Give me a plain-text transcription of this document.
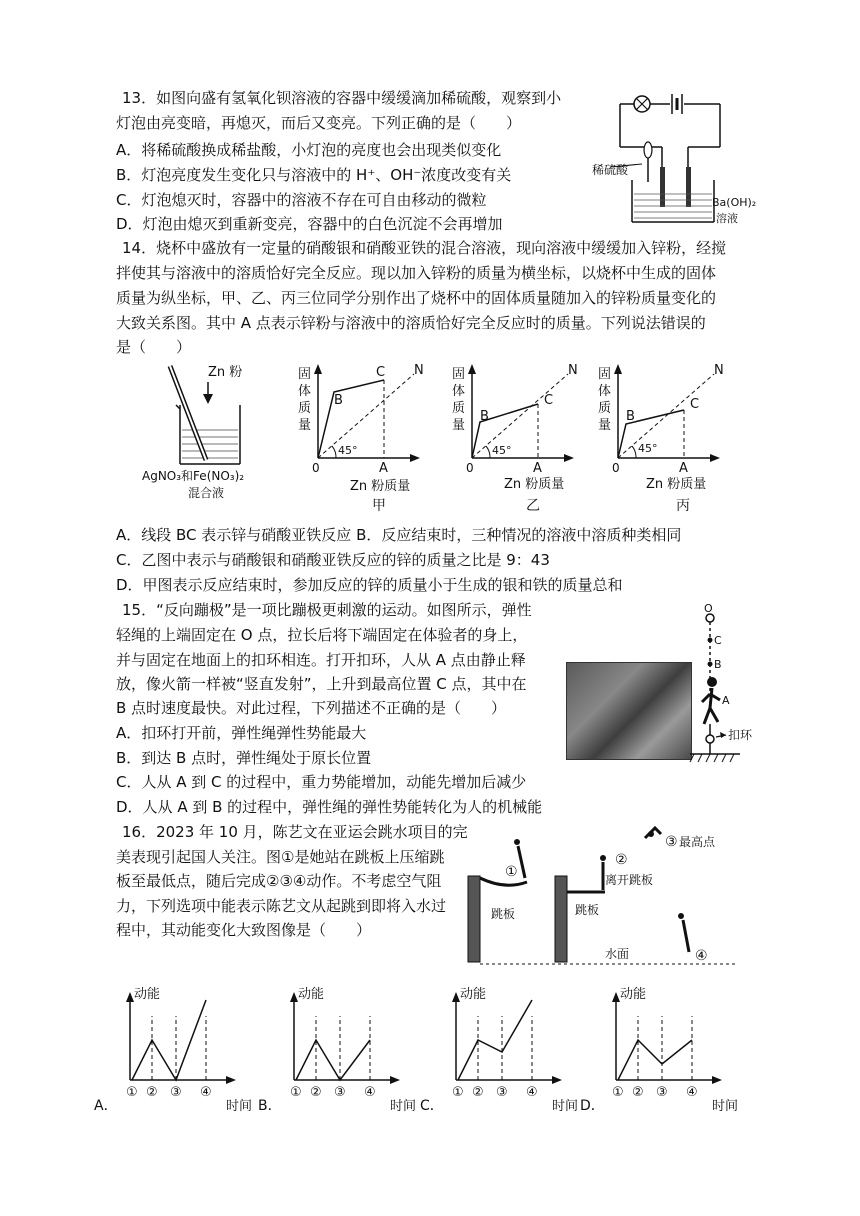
13．如图向盛有氢氧化钡溶液的容器中缓缓滴加稀硫酸，观察到小
灯泡由亮变暗，再熄灭，而后又变亮。下列正确的是（　　）
A．将稀硫酸换成稀盐酸，小灯泡的亮度也会出现类似变化
B．灯泡亮度发生变化只与溶液中的 H⁺、OH⁻浓度改变有关
C．灯泡熄灭时，容器中的溶液不存在可自由移动的微粒
D．灯泡由熄灭到重新变亮，容器中的白色沉淀不会再增加
稀硫酸
Ba(OH)₂
溶液
14．烧杯中盛放有一定量的硝酸银和硝酸亚铁的混合溶液，现向溶液中缓缓加入锌粉，经搅
拌使其与溶液中的溶质恰好完全反应。现以加入锌粉的质量为横坐标，以烧杯中生成的固体
质量为纵坐标，甲、乙、丙三位同学分别作出了烧杯中的固体质量随加入的锌粉质量变化的
大致关系图。其中 A 点表示锌粉与溶液中的溶质恰好完全反应时的质量。下列说法错误的
是（　　）
Zn 粉
AgNO₃和Fe(NO₃)₂
混合液
固
体
质
量
45°
B
C N
A
0
Zn 粉质量
甲
固
体
质
量
45°
B
C
N
A
0
Zn 粉质量
乙
固
体
质
量
45°
B
C
N
A
0
Zn 粉质量
丙
A．线段 BC 表示锌与硝酸亚铁反应 B．反应结束时，三种情况的溶液中溶质种类相同
C．乙图中表示与硝酸银和硝酸亚铁反应的锌的质量之比是 9：43
D．甲图表示反应结束时，参加反应的锌的质量小于生成的银和铁的质量总和
15．“反向蹦极”是一项比蹦极更刺激的运动。如图所示，弹性
轻绳的上端固定在 O 点，拉长后将下端固定在体验者的身上，
并与固定在地面上的扣环相连。打开扣环，人从 A 点由静止释
放，像火箭一样被“竖直发射”，上升到最高位置 C 点，其中在
B 点时速度最快。对此过程，下列描述不正确的是（　　）
A．扣环打开前，弹性绳弹性势能最大
B．到达 B 点时，弹性绳处于原长位置
C．人从 A 到 C 的过程中，重力势能增加，动能先增加后减少
D．人从 A 到 B 的过程中，弹性绳的弹性势能转化为人的机械能
O
C
B
A
扣环
16．2023 年 10 月，陈艺文在亚运会跳水项目的完
美表现引起国人关注。图①是她站在跳板上压缩跳
板至最低点，随后完成②③④动作。不考虑空气阻
力，下列选项中能表示陈艺文从起跳到即将入水过
程中，其动能变化大致图像是（　　）
①
跳板
②
离开跳板
跳板
③ 最高点
④
水面
动能
时间
A．
① ② ③ ④
动能
时间
B．
① ② ③ ④
动能
时间
C．
① ② ③ ④
动能
时间
D．
① ② ③ ④
